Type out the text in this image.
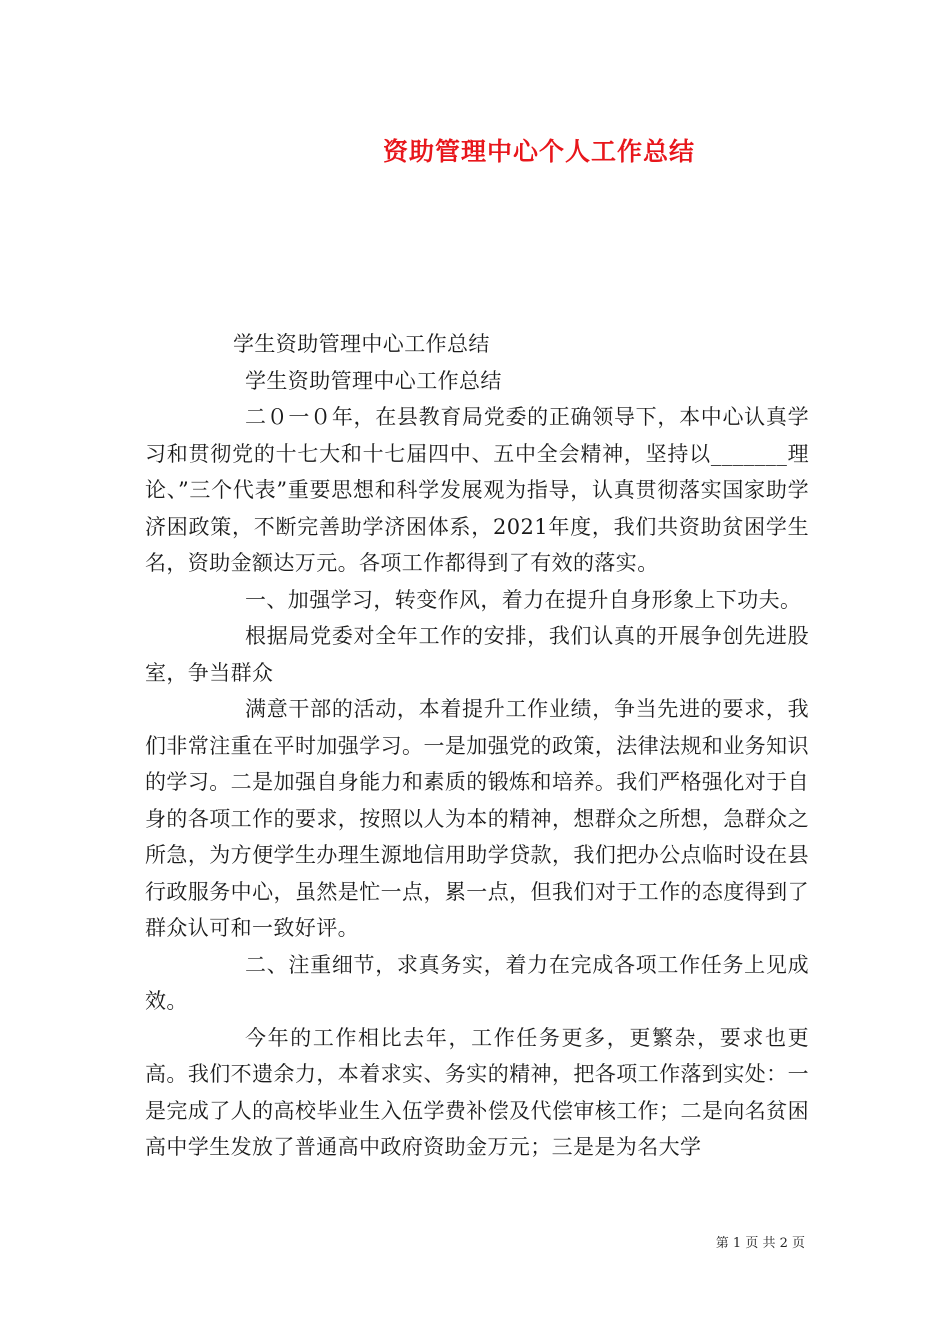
资助管理中心个人工作总结

学生资助管理中心工作总结

学生资助管理中心工作总结

二０一０年，在县教育局党委的正确领导下，本中心认真学习和贯彻党的十七大和十七届四中、五中全会精神，坚持以_______理论、”三个代表”重要思想和科学发展观为指导，认真贯彻落实国家助学济困政策，不断完善助学济困体系，2021年度，我们共资助贫困学生名，资助金额达万元。各项工作都得到了有效的落实。

一、加强学习，转变作风，着力在提升自身形象上下功夫。

根据局党委对全年工作的安排，我们认真的开展争创先进股室，争当群众

满意干部的活动，本着提升工作业绩，争当先进的要求，我们非常注重在平时加强学习。一是加强党的政策，法律法规和业务知识的学习。二是加强自身能力和素质的锻炼和培养。我们严格强化对于自身的各项工作的要求，按照以人为本的精神，想群众之所想，急群众之所急，为方便学生办理生源地信用助学贷款，我们把办公点临时设在县行政服务中心，虽然是忙一点，累一点，但我们对于工作的态度得到了群众认可和一致好评。

二、注重细节，求真务实，着力在完成各项工作任务上见成效。

今年的工作相比去年，工作任务更多，更繁杂，要求也更高。我们不遗余力，本着求实、务实的精神，把各项工作落到实处：一是完成了人的高校毕业生入伍学费补偿及代偿审核工作；二是向名贫困高中学生发放了普通高中政府资助金万元；三是是为名大学

第 1 页 共 2 页
